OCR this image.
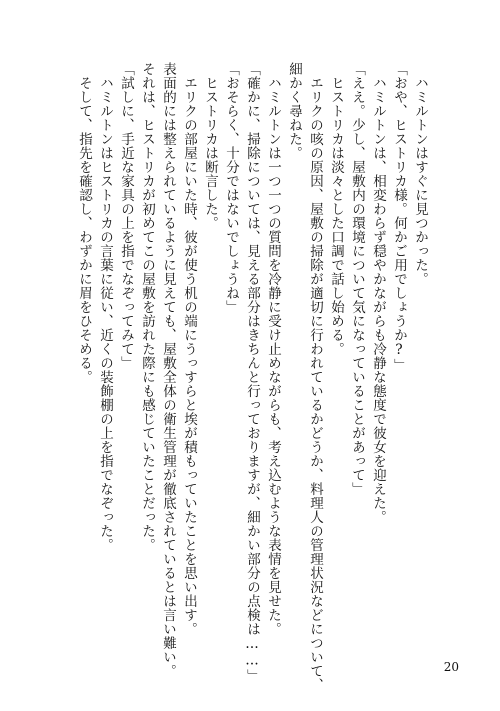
ハミルトンはすぐに見つかった。
「おや、ヒストリカ様。何かご用でしょうか?」
ハミルトンは、相変わらず穏やかながらも冷静な態度で彼女を迎えた。
「ええ。少し、屋敷内の環境について気になっていることがあって」
ヒストリカは淡々とした口調で話し始める。
エリクの咳の原因、屋敷の掃除が適切に行われているかどうか、料理人の管理状況などについて、
細かく尋ねた。
ハミルトンは一つ一つの質問を冷静に受け止めながらも、考え込むような表情を見せた。
「確かに、掃除については、見える部分はきちんと行っておりますが、細かい部分の点検は……」
「おそらく、十分ではないでしょうね」
ヒストリカは断言した。
エリクの部屋にいた時、彼が使う机の端にうっすらと埃が積もっていたことを思い出す。
表面的には整えられているように見えても、屋敷全体の衛生管理が徹底されているとは言い難い。
それは、ヒストリカが初めてこの屋敷を訪れた際にも感じていたことだった。
「試しに、手近な家具の上を指でなぞってみて」
ハミルトンはヒストリカの言葉に従い、近くの装飾棚の上を指でなぞった。
そして、指先を確認し、わずかに眉をひそめる。
20
